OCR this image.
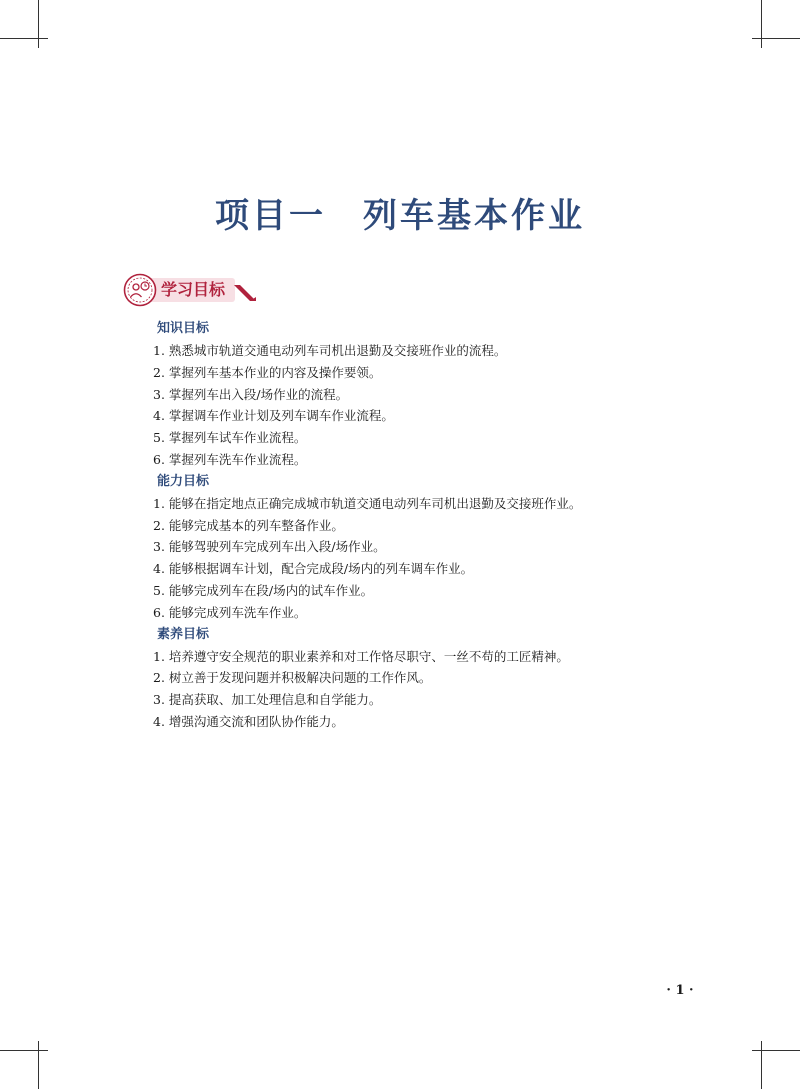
项目一　列车基本作业
学习目标
知识目标
1. 熟悉城市轨道交通电动列车司机出退勤及交接班作业的流程。
2. 掌握列车基本作业的内容及操作要领。
3. 掌握列车出入段/场作业的流程。
4. 掌握调车作业计划及列车调车作业流程。
5. 掌握列车试车作业流程。
6. 掌握列车洗车作业流程。
能力目标
1. 能够在指定地点正确完成城市轨道交通电动列车司机出退勤及交接班作业。
2. 能够完成基本的列车整备作业。
3. 能够驾驶列车完成列车出入段/场作业。
4. 能够根据调车计划，配合完成段/场内的列车调车作业。
5. 能够完成列车在段/场内的试车作业。
6. 能够完成列车洗车作业。
素养目标
1. 培养遵守安全规范的职业素养和对工作恪尽职守、一丝不苟的工匠精神。
2. 树立善于发现问题并积极解决问题的工作作风。
3. 提高获取、加工处理信息和自学能力。
4. 增强沟通交流和团队协作能力。
· 1 ·
